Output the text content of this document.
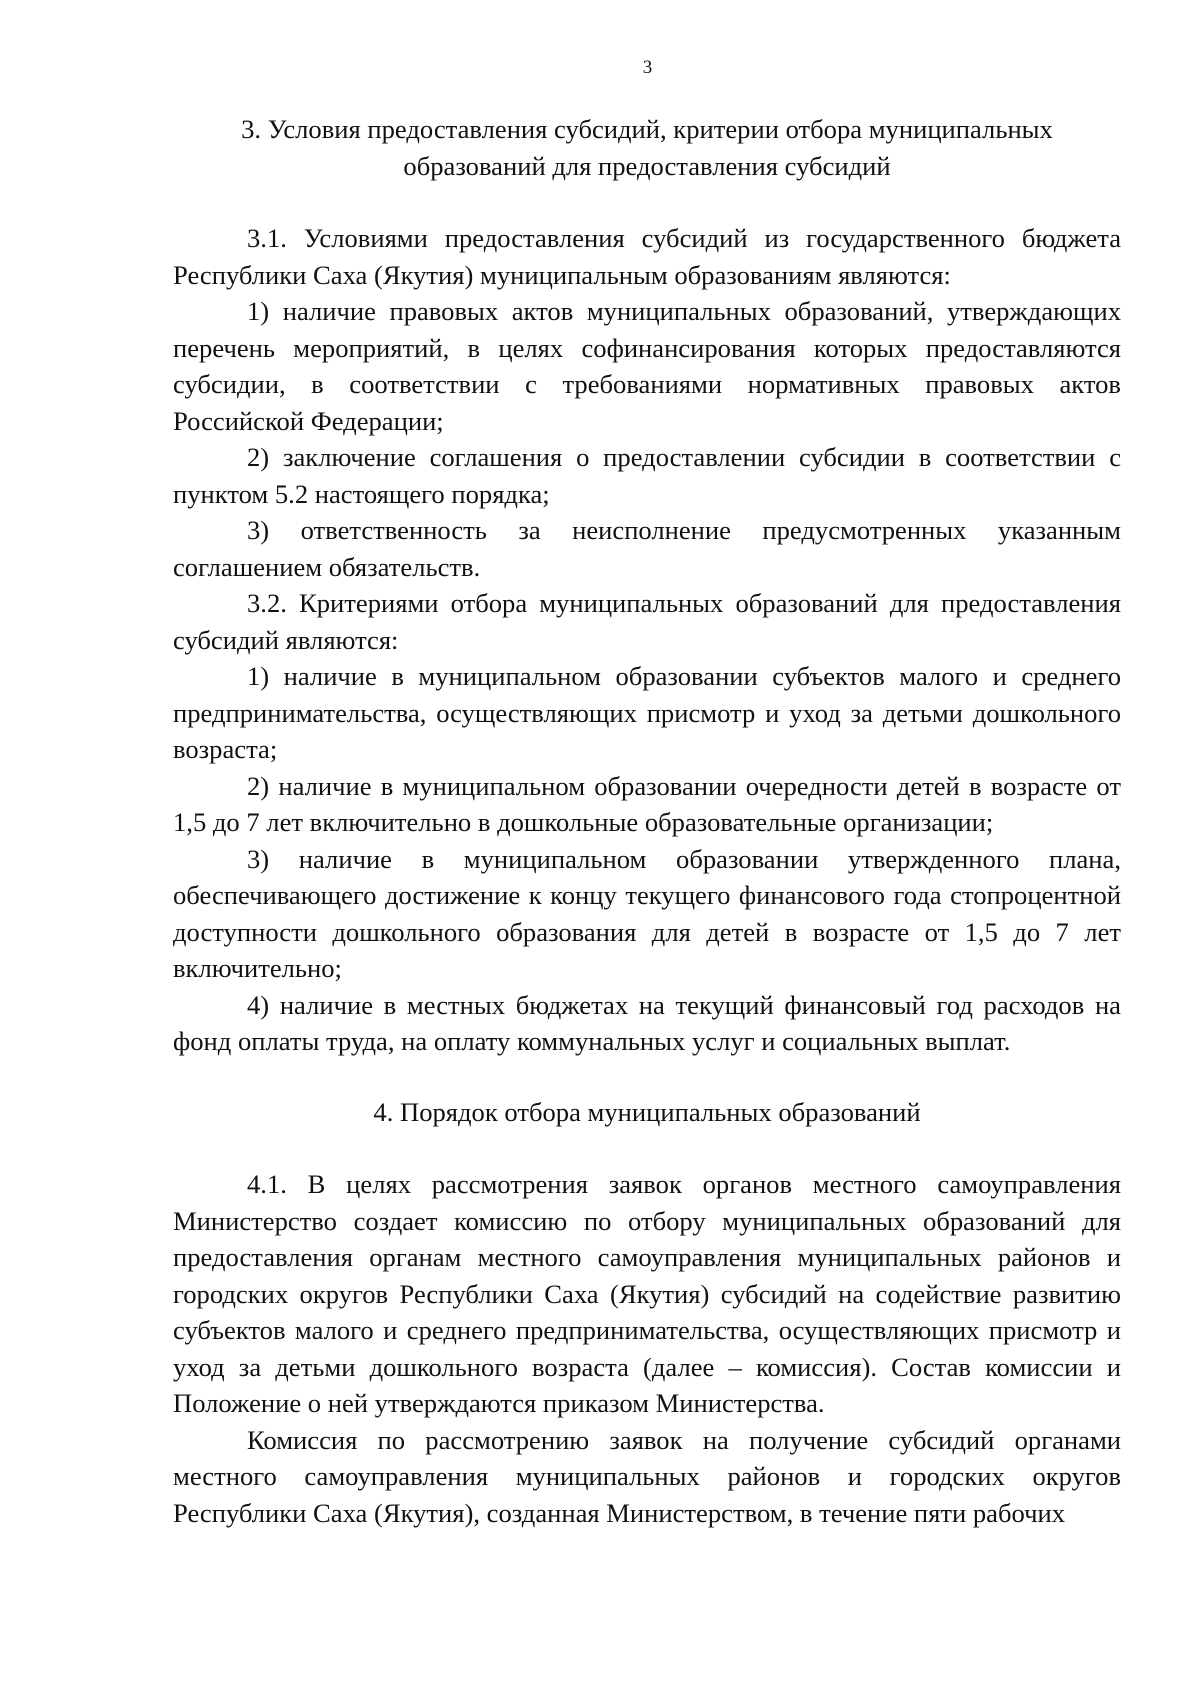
3
3. Условия предоставления субсидий, критерии отбора муниципальных образований для предоставления субсидий

3.1. Условиями предоставления субсидий из государственного бюджета Республики Саха (Якутия) муниципальным образованиям являются:

1) наличие правовых актов муниципальных образований, утверждающих перечень мероприятий, в целях софинансирования которых предоставляются субсидии, в соответствии с требованиями нормативных правовых актов Российской Федерации;

2) заключение соглашения о предоставлении субсидии в соответствии с пунктом 5.2 настоящего порядка;

3) ответственность за неисполнение предусмотренных указанным соглашением обязательств.

3.2. Критериями отбора муниципальных образований для предоставления субсидий являются:

1) наличие в муниципальном образовании субъектов малого и среднего предпринимательства, осуществляющих присмотр и уход за детьми дошкольного возраста;

2) наличие в муниципальном образовании очередности детей в возрасте от 1,5 до 7 лет включительно в дошкольные образовательные организации;

3) наличие в муниципальном образовании утвержденного плана, обеспечивающего достижение к концу текущего финансового года стопроцентной доступности дошкольного образования для детей в возрасте от 1,5 до 7 лет включительно;

4) наличие в местных бюджетах на текущий финансовый год расходов на фонд оплаты труда, на оплату коммунальных услуг и социальных выплат.

4. Порядок отбора муниципальных образований

4.1. В целях рассмотрения заявок органов местного самоуправления Министерство создает комиссию по отбору муниципальных образований для предоставления органам местного самоуправления муниципальных районов и городских округов Республики Саха (Якутия) субсидий на содействие развитию субъектов малого и среднего предпринимательства, осуществляющих присмотр и уход за детьми дошкольного возраста (далее – комиссия). Состав комиссии и Положение о ней утверждаются приказом Министерства.

Комиссия по рассмотрению заявок на получение субсидий органами местного самоуправления муниципальных районов и городских округов Республики Саха (Якутия), созданная Министерством, в течение пяти рабочих
